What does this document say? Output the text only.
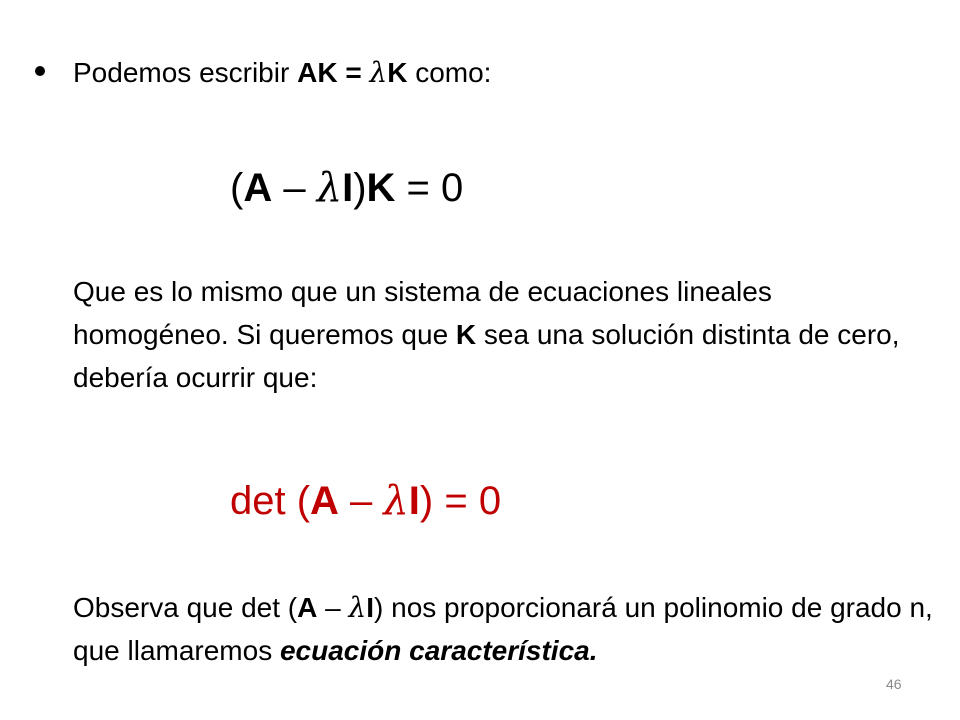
Podemos escribir AK = λK como:
(A – λI)K = 0
Que es lo mismo que un sistema de ecuaciones lineales homogéneo. Si queremos que K sea una solución distinta de cero, debería ocurrir que:
det (A – λI) = 0
Observa que det (A – λI) nos proporcionará un polinomio de grado n, que llamaremos ecuación característica.
46
